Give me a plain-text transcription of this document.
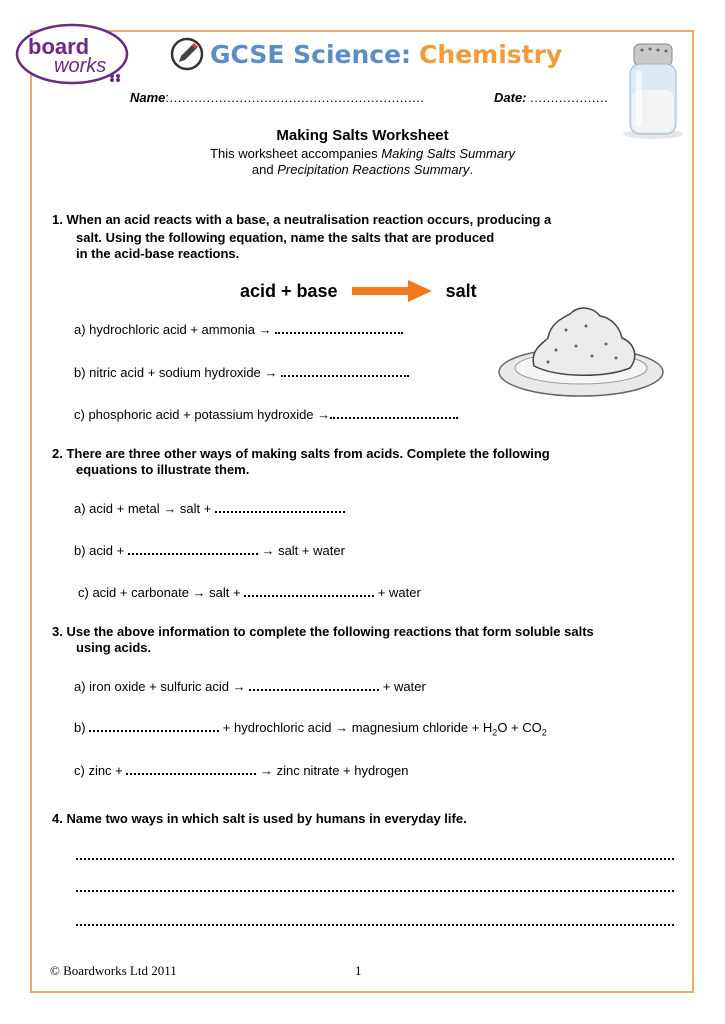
board
works	GCSE Science: Chemistry
Name:..............................................................	Date: ...................
Making Salts Worksheet
This worksheet accompanies Making Salts Summary
and Precipitation Reactions Summary.
1. When an acid reacts with a base, a neutralisation reaction occurs, producing a
salt. Using the following equation, name the salts that are produced
in the acid-base reactions.
acid + base	salt
a) hydrochloric acid + ammonia →
b) nitric acid + sodium hydroxide →
c) phosphoric acid + potassium hydroxide →
2. There are three other ways of making salts from acids. Complete the following
equations to illustrate them.
a) acid + metal → salt +
b) acid +	→ salt + water
c) acid + carbonate → salt +	+ water
3. Use the above information to complete the following reactions that form soluble salts
using acids.
a) iron oxide + sulfuric acid →	+ water
b)	+ hydrochloric acid → magnesium chloride + $H_2O + CO_2$
c) zinc +	→ zinc nitrate + hydrogen
4. Name two ways in which salt is used by humans in everyday life.
© Boardworks Ltd 2011	1
